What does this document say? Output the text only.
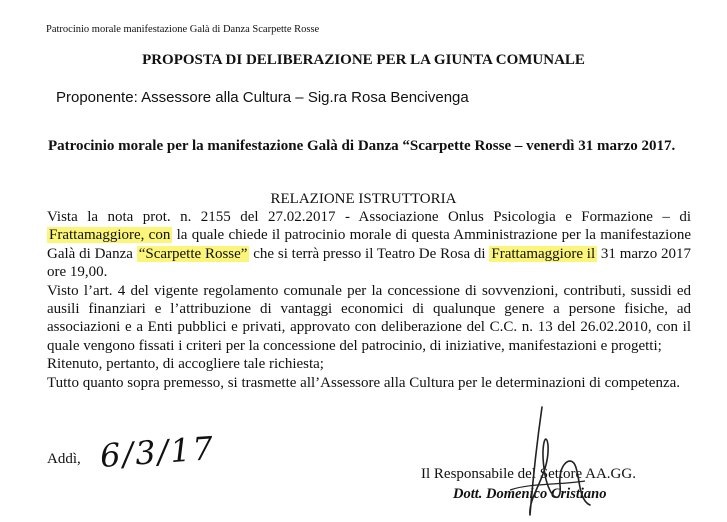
Patrocinio morale manifestazione Galà di Danza Scarpette Rosse
PROPOSTA DI DELIBERAZIONE PER LA GIUNTA COMUNALE
Proponente: Assessore alla Cultura – Sig.ra Rosa Bencivenga
Patrocinio morale per la manifestazione Galà di Danza “Scarpette Rosse – venerdì 31 marzo 2017.
RELAZIONE ISTRUTTORIA

Vista la nota prot. n. 2155 del 27.02.2017 - Associazione Onlus Psicologia e Formazione – di Frattamaggiore, con la quale chiede il patrocinio morale di questa Amministrazione per la manifestazione Galà di Danza “Scarpette Rosse” che si terrà presso il Teatro De Rosa di Frattamaggiore il 31 marzo 2017 ore 19,00.

Visto l’art. 4 del vigente regolamento comunale per la concessione di sovvenzioni, contributi, sussidi ed ausili finanziari e l’attribuzione di vantaggi economici di qualunque genere a persone fisiche, ad associazioni e a Enti pubblici e privati, approvato con deliberazione del C.C. n. 13 del 26.02.2010, con il quale vengono fissati i criteri per la concessione del patrocinio, di iniziative, manifestazioni e progetti;

Ritenuto, pertanto, di accogliere tale richiesta;

Tutto quanto sopra premesso, si trasmette all’Assessore alla Cultura per le determinazioni di competenza.

Addì, 6/3/17	Il Responsabile del Settore AA.GG.
Dott. Domenico Cristiano
